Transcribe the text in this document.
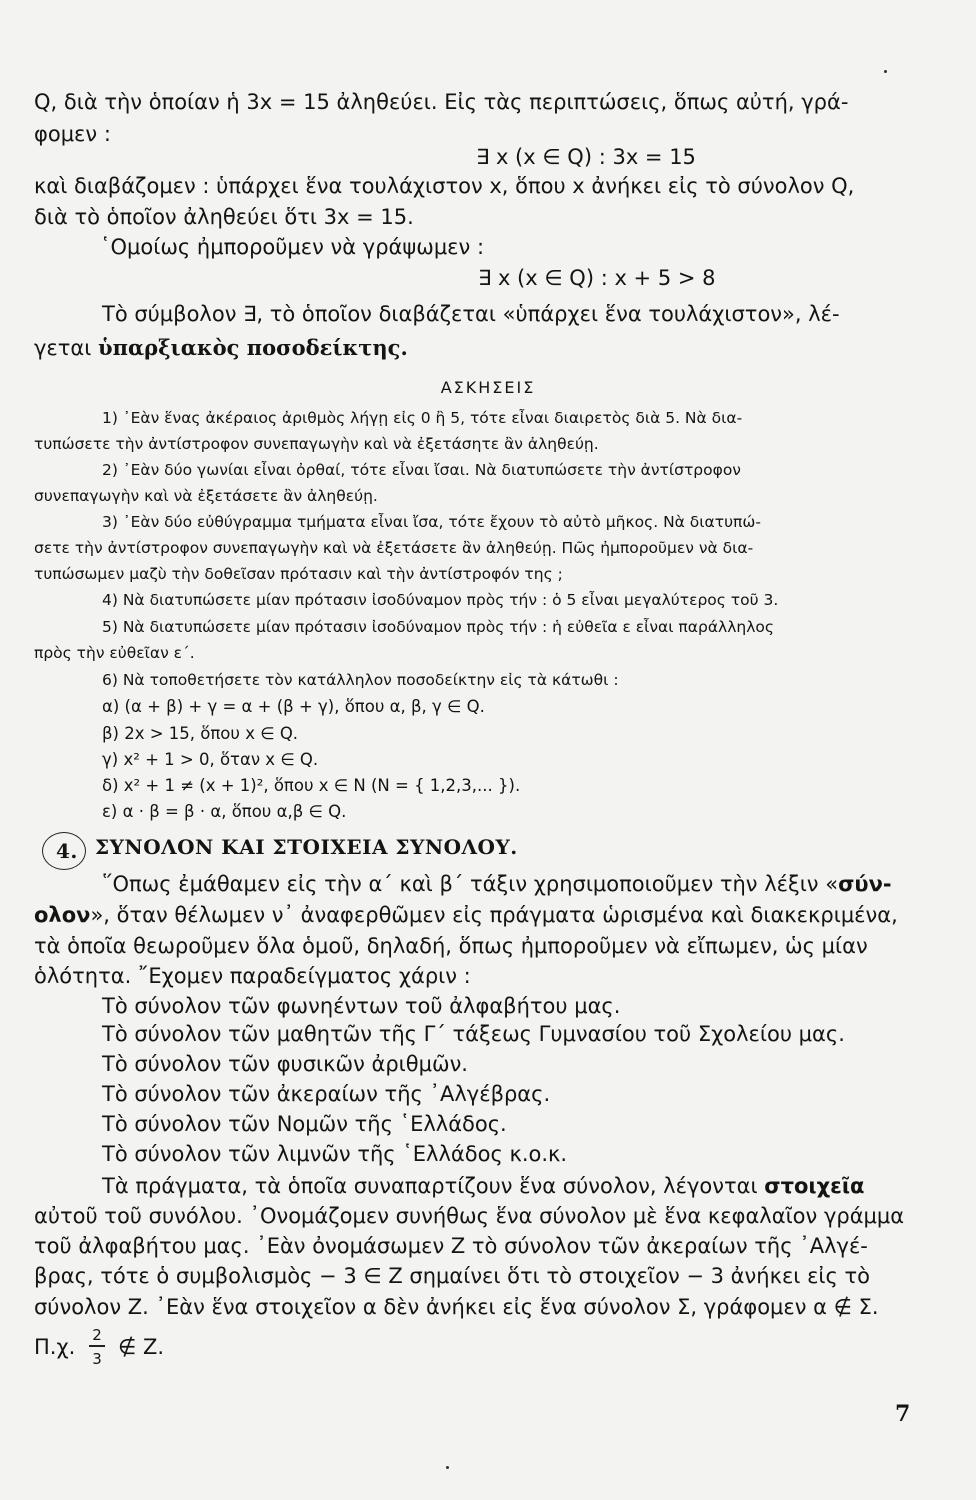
Q, διὰ τὴν ὁποίαν ἡ 3x = 15 ἀληθεύει. Εἰς τὰς περιπτώσεις, ὅπως αὐτή, γρά-
φομεν :
∃ x (x ∈ Q) : 3x = 15
καὶ διαβάζομεν : ὑπάρχει ἕνα τουλάχιστον x, ὅπου x ἀνήκει εἰς τὸ σύνολον Q,
διὰ τὸ ὁποῖον ἀληθεύει ὅτι 3x = 15.
῾Ομοίως ἠμποροῦμεν νὰ γράψωμεν :
∃ x (x ∈ Q) : x + 5 > 8
Τὸ σύμβολον ∃, τὸ ὁποῖον διαβάζεται «ὑπάρχει ἕνα τουλάχιστον», λέ-
γεται ὑπαρξιακὸς ποσοδείκτης.
ΑΣΚΗΣΕΙΣ
1) ᾿Εὰν ἕνας ἀκέραιος ἀριθμὸς λήγῃ εἰς 0 ἢ 5, τότε εἶναι διαιρετὸς διὰ 5. Νὰ δια-
τυπώσετε τὴν ἀντίστροφον συνεπαγωγὴν καὶ νὰ ἐξετάσητε ἂν ἀληθεύῃ.
2) ᾿Εὰν δύο γωνίαι εἶναι ὀρθαί, τότε εἶναι ἴσαι. Νὰ διατυπώσετε τὴν ἀντίστροφον
συνεπαγωγὴν καὶ νὰ ἐξετάσετε ἂν ἀληθεύῃ.
3) ᾿Εὰν δύο εὐθύγραμμα τμήματα εἶναι ἴσα, τότε ἔχουν τὸ αὐτὸ μῆκος. Νὰ διατυπώ-
σετε τὴν ἀντίστροφον συνεπαγωγὴν καὶ νὰ ἐξετάσετε ἂν ἀληθεύῃ. Πῶς ἠμποροῦμεν νὰ δια-
τυπώσωμεν μαζὺ τὴν δοθεῖσαν πρότασιν καὶ τὴν ἀντίστροφόν της ;
4) Νὰ διατυπώσετε μίαν πρότασιν ἰσοδύναμον πρὸς τήν : ὁ 5 εἶναι μεγαλύτερος τοῦ 3.
5) Νὰ διατυπώσετε μίαν πρότασιν ἰσοδύναμον πρὸς τήν : ἡ εὐθεῖα ε εἶναι παράλληλος
πρὸς τὴν εὐθεῖαν ε΄.
6) Νὰ τοποθετήσετε τὸν κατάλληλον ποσοδείκτην εἰς τὰ κάτωθι :
α) (α + β) + γ = α + (β + γ), ὅπου α, β, γ ∈ Q.
β) 2x > 15, ὅπου x ∈ Q.
γ) x² + 1 > 0, ὅταν x ∈ Q.
δ) x² + 1 ≠ (x + 1)², ὅπου x ∈ N (N = { 1,2,3,... }).
ε) α · β = β · α, ὅπου α,β ∈ Q.
4. ΣΥΝΟΛΟΝ ΚΑΙ ΣΤΟΙΧΕΙΑ ΣΥΝΟΛΟΥ.
῞Οπως ἐμάθαμεν εἰς τὴν α΄ καὶ β΄ τάξιν χρησιμοποιοῦμεν τὴν λέξιν «σύν-
ολον», ὅταν θέλωμεν ν᾿ ἀναφερθῶμεν εἰς πράγματα ὡρισμένα καὶ διακεκριμένα,
τὰ ὁποῖα θεωροῦμεν ὅλα ὁμοῦ, δηλαδή, ὅπως ἠμποροῦμεν νὰ εἴπωμεν, ὡς μίαν
ὁλότητα. ῎Εχομεν παραδείγματος χάριν :
Τὸ σύνολον τῶν φωνηέντων τοῦ ἀλφαβήτου μας.
Τὸ σύνολον τῶν μαθητῶν τῆς Γ΄ τάξεως Γυμνασίου τοῦ Σχολείου μας.
Τὸ σύνολον τῶν φυσικῶν ἀριθμῶν.
Τὸ σύνολον τῶν ἀκεραίων τῆς ᾿Αλγέβρας.
Τὸ σύνολον τῶν Νομῶν τῆς ῾Ελλάδος.
Τὸ σύνολον τῶν λιμνῶν τῆς ῾Ελλάδος κ.ο.κ.
Τὰ πράγματα, τὰ ὁποῖα συναπαρτίζουν ἕνα σύνολον, λέγονται στοιχεῖα
αὐτοῦ τοῦ συνόλου. ᾿Ονομάζομεν συνήθως ἕνα σύνολον μὲ ἕνα κεφαλαῖον γράμμα
τοῦ ἀλφαβήτου μας. ᾿Εὰν ὀνομάσωμεν Ζ τὸ σύνολον τῶν ἀκεραίων τῆς ᾿Αλγέ-
βρας, τότε ὁ συμβολισμὸς − 3 ∈ Ζ σημαίνει ὅτι τὸ στοιχεῖον − 3 ἀνήκει εἰς τὸ
σύνολον Ζ. ᾿Εὰν ἕνα στοιχεῖον α δὲν ἀνήκει εἰς ἕνα σύνολον Σ, γράφομεν α ∉ Σ.
Π.χ. 2
3 ∉ Ζ.
7
